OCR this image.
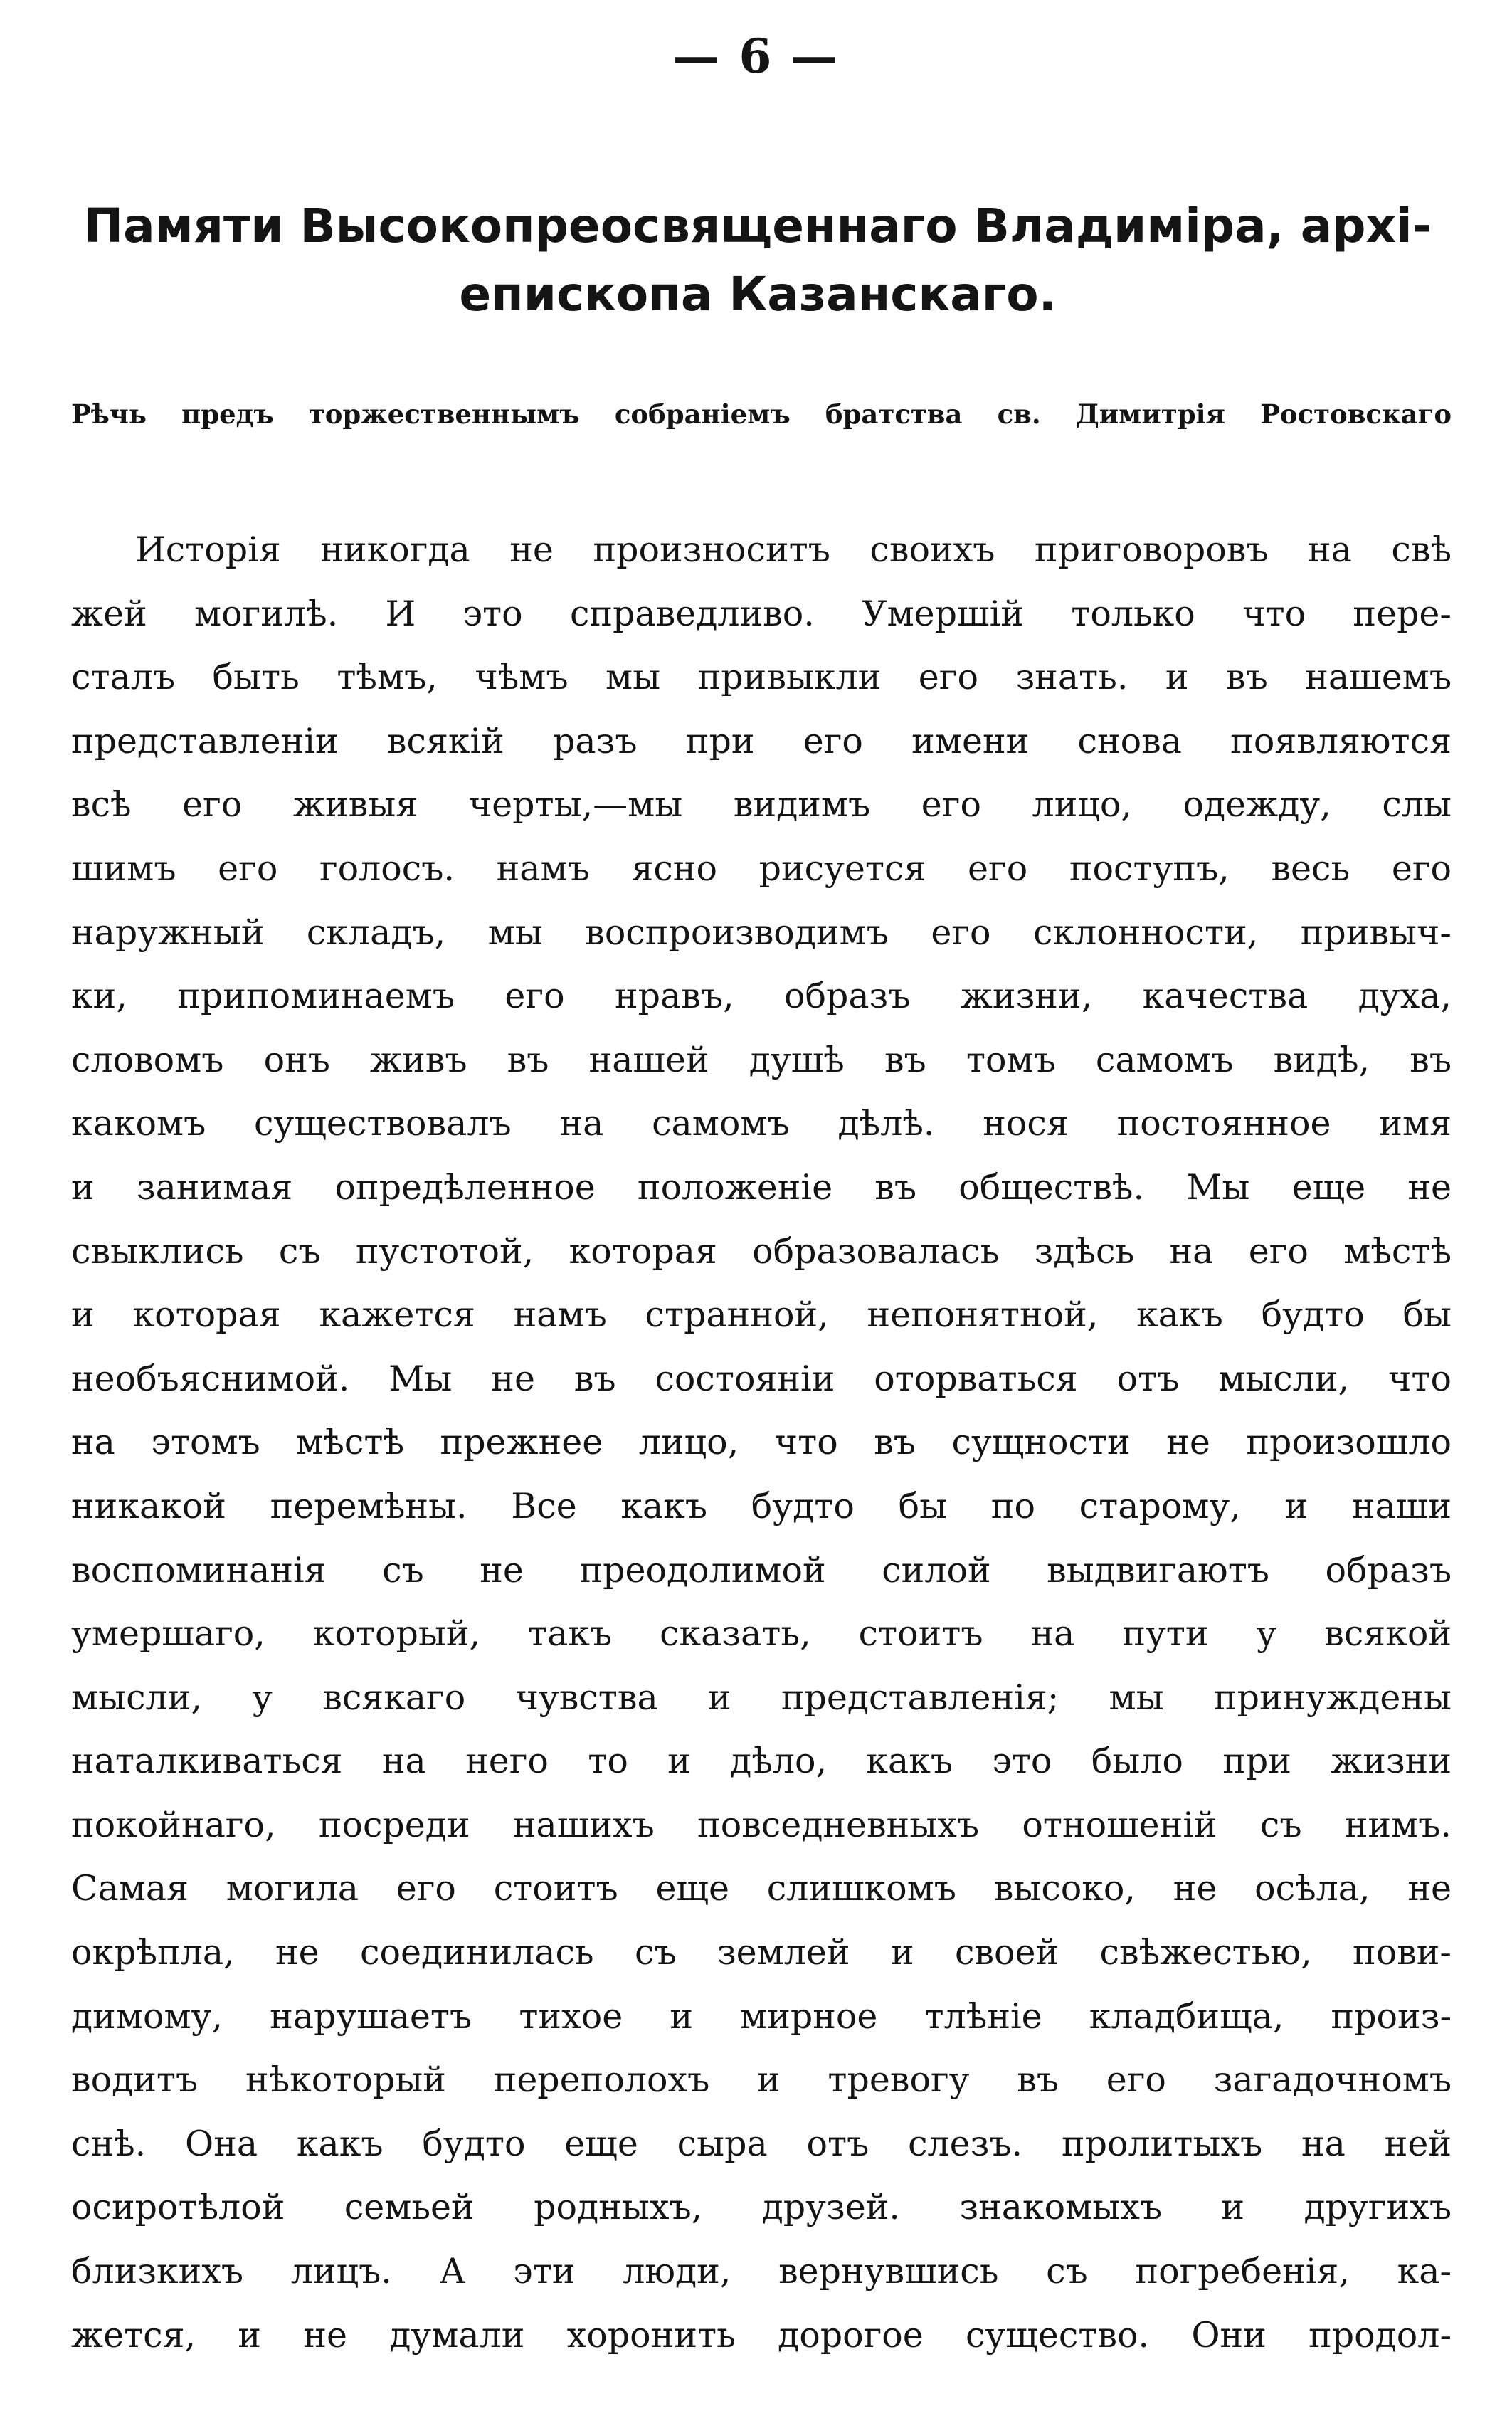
— 6 —
Памяти Высокопреосвященнаго Владиміра, архі-
епископа Казанскаго.
Рѣчь предъ торжественнымъ собраніемъ братства св. Димитрія Ростовскаго
Исторія никогда не произноситъ своихъ приговоровъ на свѣ
жей могилѣ. И это справедливо. Умершій только что пере-
сталъ быть тѣмъ, чѣмъ мы привыкли его знать. и въ нашемъ
представленіи всякій разъ при его имени снова появляются
всѣ его живыя черты,—мы видимъ его лицо, одежду, слы
шимъ его голосъ. намъ ясно рисуется его поступъ, весь его
наружный складъ, мы воспроизводимъ его склонности, привыч-
ки, припоминаемъ его нравъ, образъ жизни, качества духа,
словомъ онъ живъ въ нашей душѣ въ томъ самомъ видѣ, въ
какомъ существовалъ на самомъ дѣлѣ. нося постоянное имя
и занимая опредѣленное положеніе въ обществѣ. Мы еще не
свыклись съ пустотой, которая образовалась здѣсь на его мѣстѣ
и которая кажется намъ странной, непонятной, какъ будто бы
необъяснимой. Мы не въ состояніи оторваться отъ мысли, что
на этомъ мѣстѣ прежнее лицо, что въ сущности не произошло
никакой перемѣны. Все какъ будто бы по старому, и наши
воспоминанія съ не преодолимой силой выдвигаютъ образъ
умершаго, который, такъ сказать, стоитъ на пути у всякой
мысли, у всякаго чувства и представленія; мы принуждены
наталкиваться на него то и дѣло, какъ это было при жизни
покойнаго, посреди нашихъ повседневныхъ отношеній съ нимъ.
Самая могила его стоитъ еще слишкомъ высоко, не осѣла, не
окрѣпла, не соединилась съ землей и своей свѣжестью, пови-
димому, нарушаетъ тихое и мирное тлѣніе кладбища, произ-
водитъ нѣкоторый переполохъ и тревогу въ его загадочномъ
снѣ. Она какъ будто еще сыра отъ слезъ. пролитыхъ на ней
осиротѣлой семьей родныхъ, друзей. знакомыхъ и другихъ
близкихъ лицъ. А эти люди, вернувшись съ погребенія, ка-
жется, и не думали хоронить дорогое существо. Они продол-
